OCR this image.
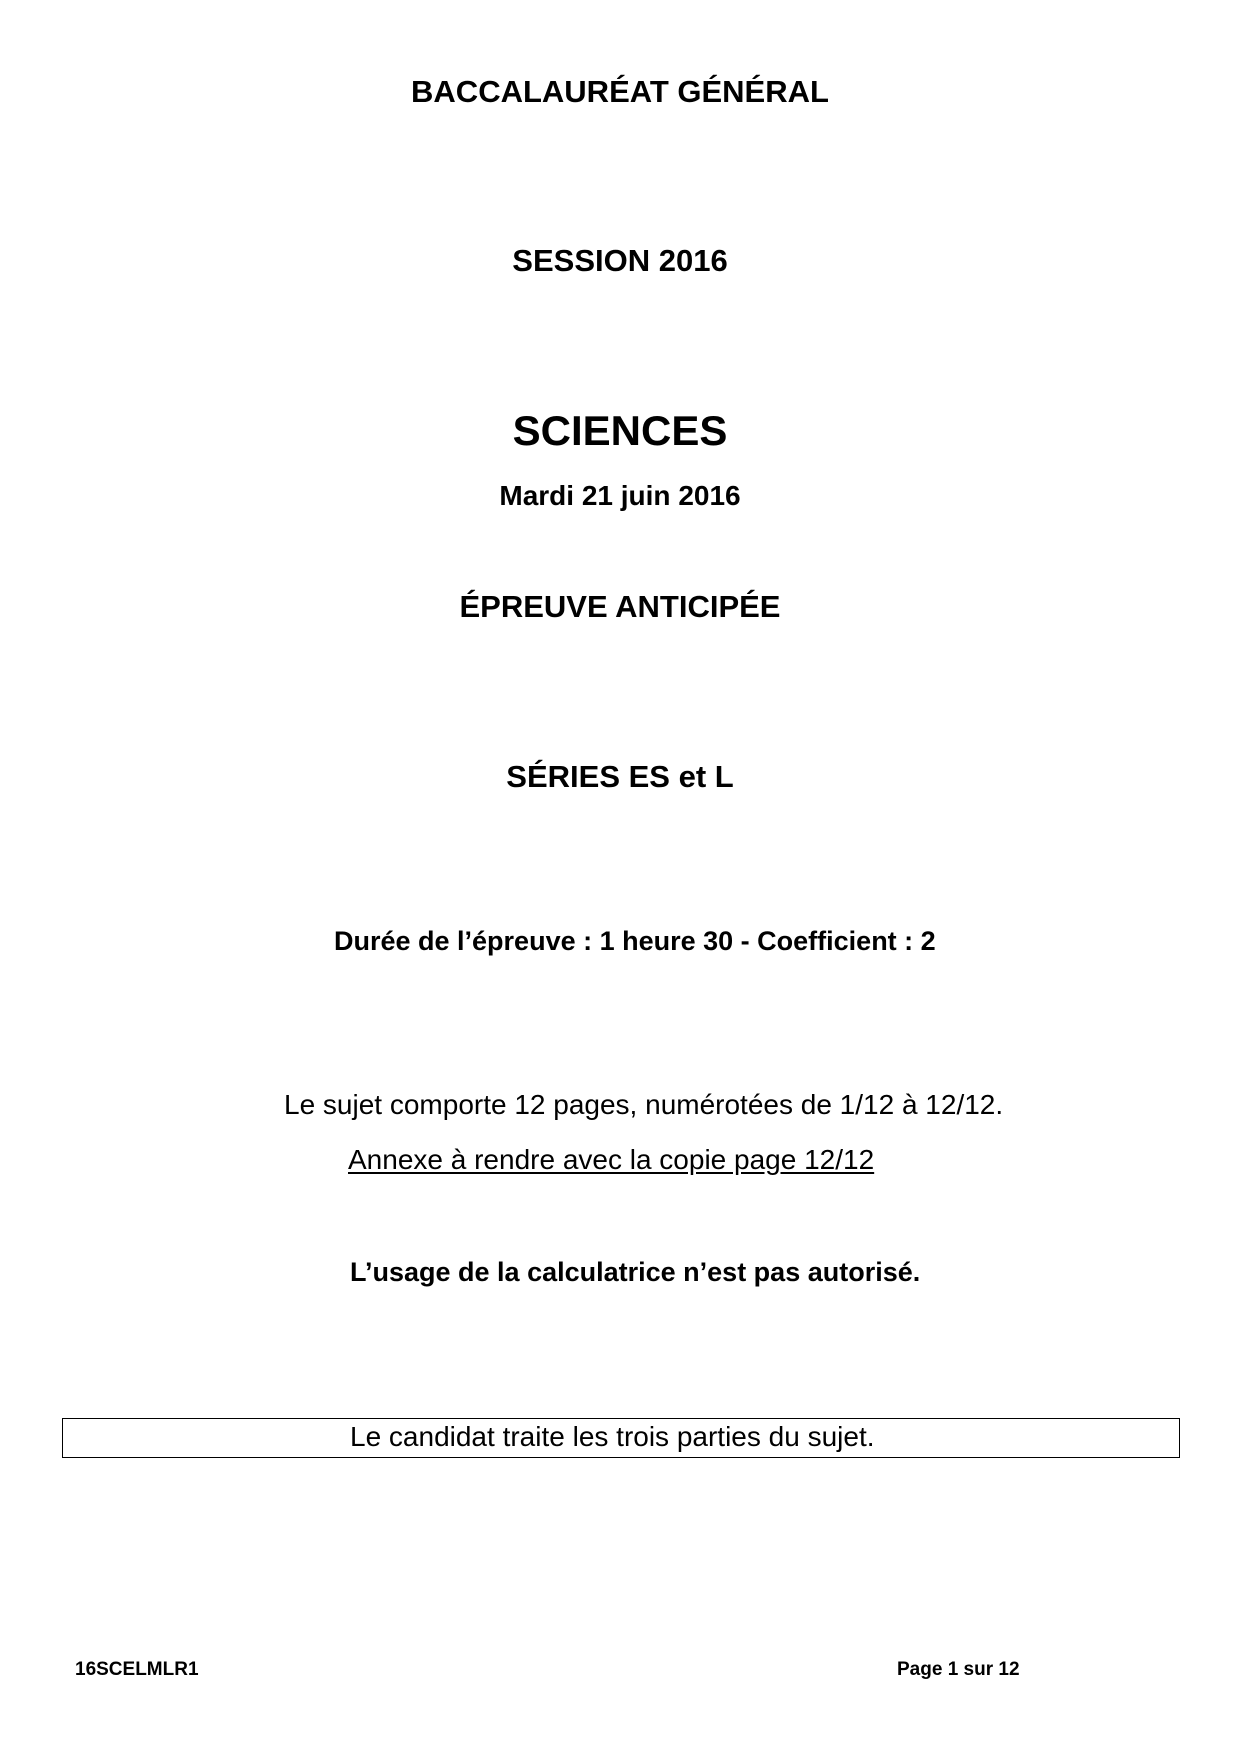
BACCALAURÉAT GÉNÉRAL
SESSION 2016
SCIENCES
Mardi 21 juin 2016
ÉPREUVE ANTICIPÉE
SÉRIES ES et L
Durée de l’épreuve : 1 heure 30 - Coefficient : 2
Le sujet comporte 12 pages, numérotées de 1/12 à 12/12.
Annexe à rendre avec la copie page 12/12
L’usage de la calculatrice n’est pas autorisé.
Le candidat traite les trois parties du sujet.
16SCELMLR1	Page 1 sur 12
